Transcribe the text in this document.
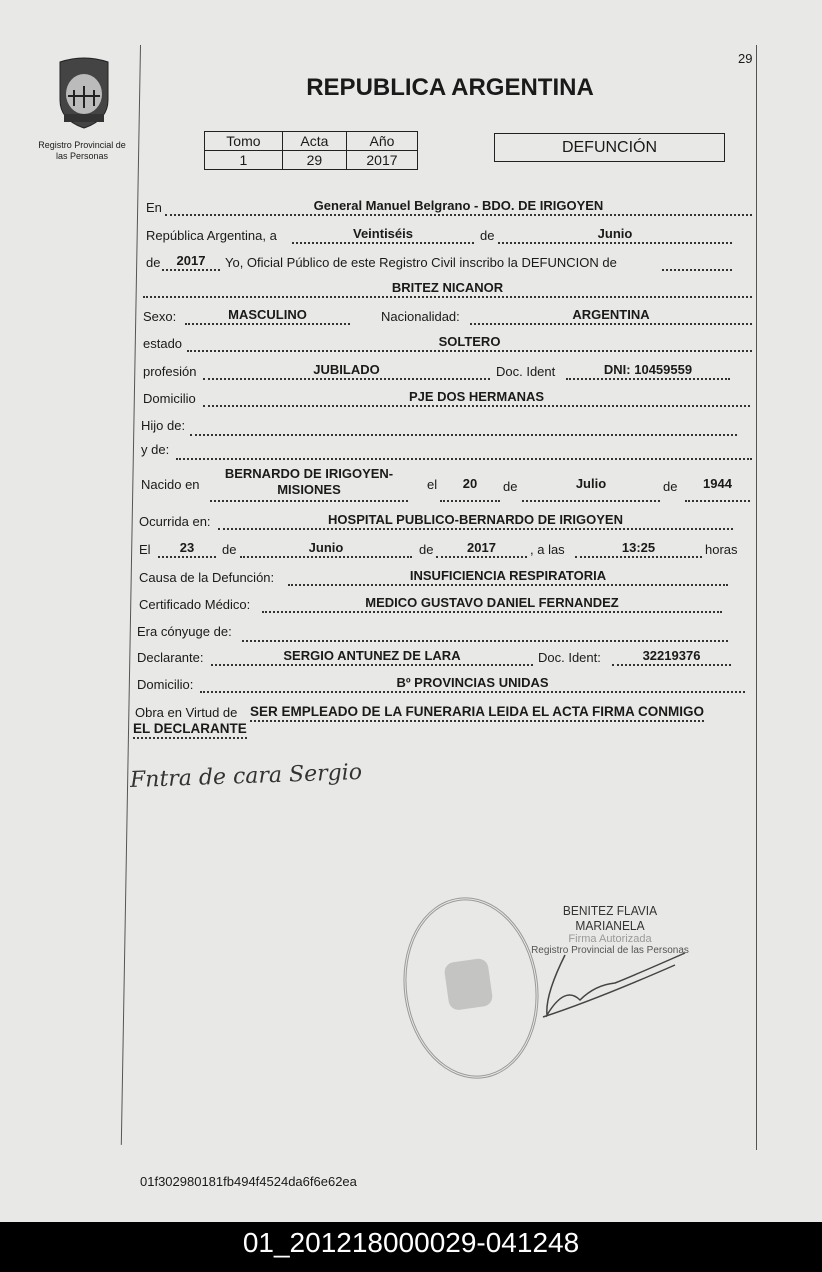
29
Registro Provincial de
las Personas
REPUBLICA ARGENTINA
Tomo	Acta	Año
1	29	2017
DEFUNCIÓN
En	General Manuel Belgrano - BDO. DE IRIGOYEN
República Argentina, a	Veintiséis	de	Junio
de	2017	Yo, Oficial Público de este Registro Civil inscribo la DEFUNCION de
BRITEZ NICANOR
Sexo:	MASCULINO	Nacionalidad:	ARGENTINA
estado	SOLTERO
profesión	JUBILADO	Doc. Ident	DNI: 10459559
Domicilio	PJE DOS HERMANAS
Hijo de:
y de:
Nacido en
BERNARDO DE IRIGOYEN-
MISIONES	el	20	de	Julio	de	1944
Ocurrida en:	HOSPITAL PUBLICO-BERNARDO DE IRIGOYEN
El	23	de	Junio	de	2017	, a las	13:25	horas
Causa de la Defunción:	INSUFICIENCIA RESPIRATORIA
Certificado Médico:	MEDICO GUSTAVO DANIEL FERNANDEZ
Era cónyuge de:
Declarante:	SERGIO ANTUNEZ DE LARA	Doc. Ident:	32219376
Domicilio:	Bº PROVINCIAS UNIDAS
Obra en Virtud de SER EMPLEADO DE LA FUNERARIA LEIDA EL ACTA FIRMA CONMIGO
EL DECLARANTE
Fntra de cara Sergio
BENITEZ FLAVIA MARIANELA
Firma Autorizada
Registro Provincial de las Personas
01f302980181fb494f4524da6f6e62ea
01_201218000029-041248
